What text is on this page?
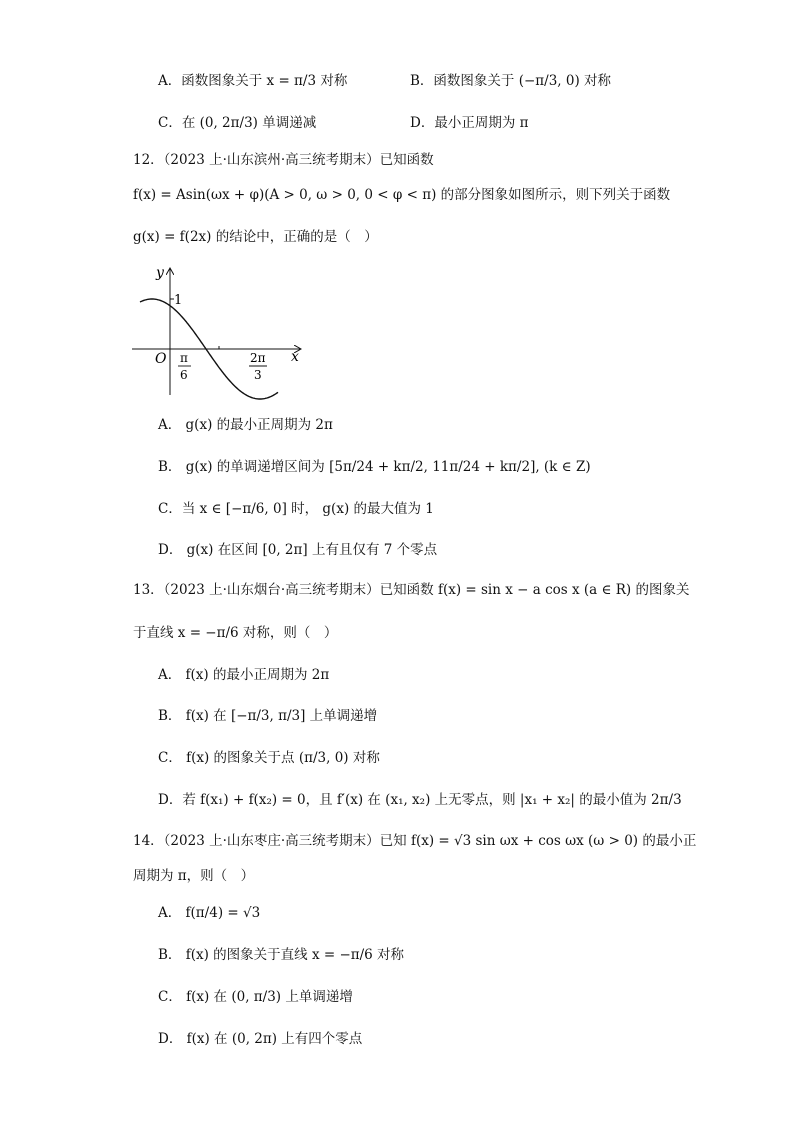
A．函数图象关于 x = π/3 对称	B．函数图象关于 (−π/3, 0) 对称
C．在 (0, 2π/3) 单调递减	D．最小正周期为 π
12．（2023 上·山东滨州·高三统考期末）已知函数
f(x) = Asin(ωx + φ)(A > 0, ω > 0, 0 < φ < π) 的部分图象如图所示，则下列关于函数
g(x) = f(2x) 的结论中，正确的是（　）
y
x
O
1
π
6
2π
3
A． g(x) 的最小正周期为 2π
B． g(x) 的单调递增区间为 [5π/24 + kπ/2, 11π/24 + kπ/2], (k ∈ Z)
C．当 x ∈ [−π/6, 0] 时， g(x) 的最大值为 1
D． g(x) 在区间 [0, 2π] 上有且仅有 7 个零点
13．（2023 上·山东烟台·高三统考期末）已知函数 f(x) = sin x − a cos x (a ∈ R) 的图象关
于直线 x = −π/6 对称，则（　）
A． f(x) 的最小正周期为 2π
B． f(x) 在 [−π/3, π/3] 上单调递增
C． f(x) 的图象关于点 (π/3, 0) 对称
D．若 f(x₁) + f(x₂) = 0，且 f′(x) 在 (x₁, x₂) 上无零点，则 |x₁ + x₂| 的最小值为 2π/3
14．（2023 上·山东枣庄·高三统考期末）已知 f(x) = √3 sin ωx + cos ωx (ω > 0) 的最小正
周期为 π，则（　）
A． f(π/4) = √3
B． f(x) 的图象关于直线 x = −π/6 对称
C． f(x) 在 (0, π/3) 上单调递增
D． f(x) 在 (0, 2π) 上有四个零点
